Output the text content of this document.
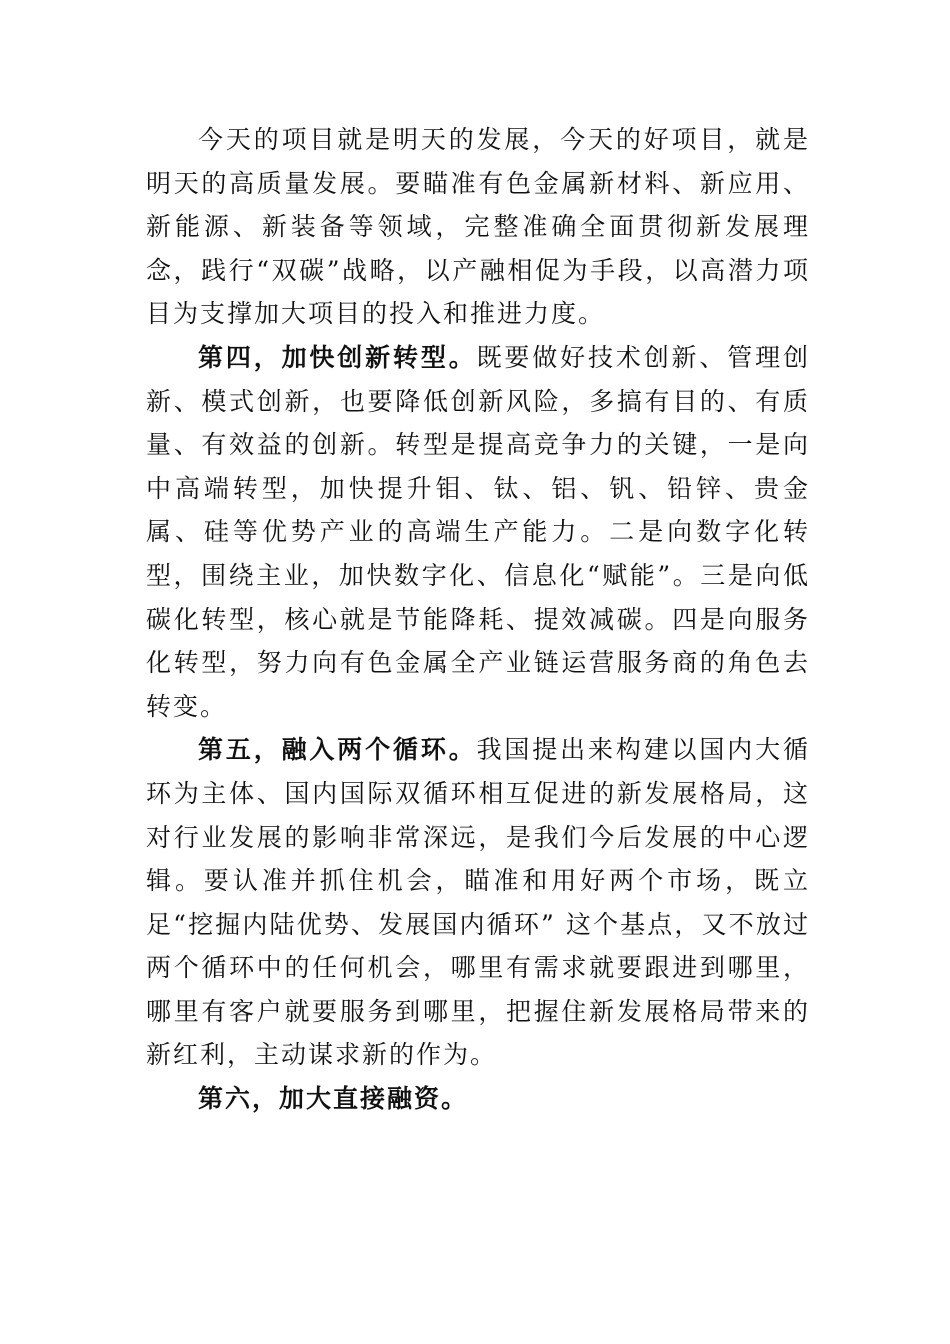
今天的项目就是明天的发展，今天的好项目，就是明天的高质量发展。要瞄准有色金属新材料、新应用、新能源、新装备等领域，完整准确全面贯彻新发展理念，践行“双碳”战略，以产融相促为手段，以高潜力项目为支撑加大项目的投入和推进力度。

第四，加快创新转型。既要做好技术创新、管理创新、模式创新，也要降低创新风险，多搞有目的、有质量、有效益的创新。转型是提高竞争力的关键，一是向中高端转型，加快提升钼、钛、铝、钒、铅锌、贵金属、硅等优势产业的高端生产能力。二是向数字化转型，围绕主业，加快数字化、信息化“赋能”。三是向低碳化转型，核心就是节能降耗、提效减碳。四是向服务化转型，努力向有色金属全产业链运营服务商的角色去转变。

第五，融入两个循环。我国提出来构建以国内大循环为主体、国内国际双循环相互促进的新发展格局，这对行业发展的影响非常深远，是我们今后发展的中心逻辑。要认准并抓住机会，瞄准和用好两个市场，既立足“挖掘内陆优势、发展国内循环” 这个基点，又不放过两个循环中的任何机会，哪里有需求就要跟进到哪里，哪里有客户就要服务到哪里，把握住新发展格局带来的新红利，主动谋求新的作为。

第六，加大直接融资。
